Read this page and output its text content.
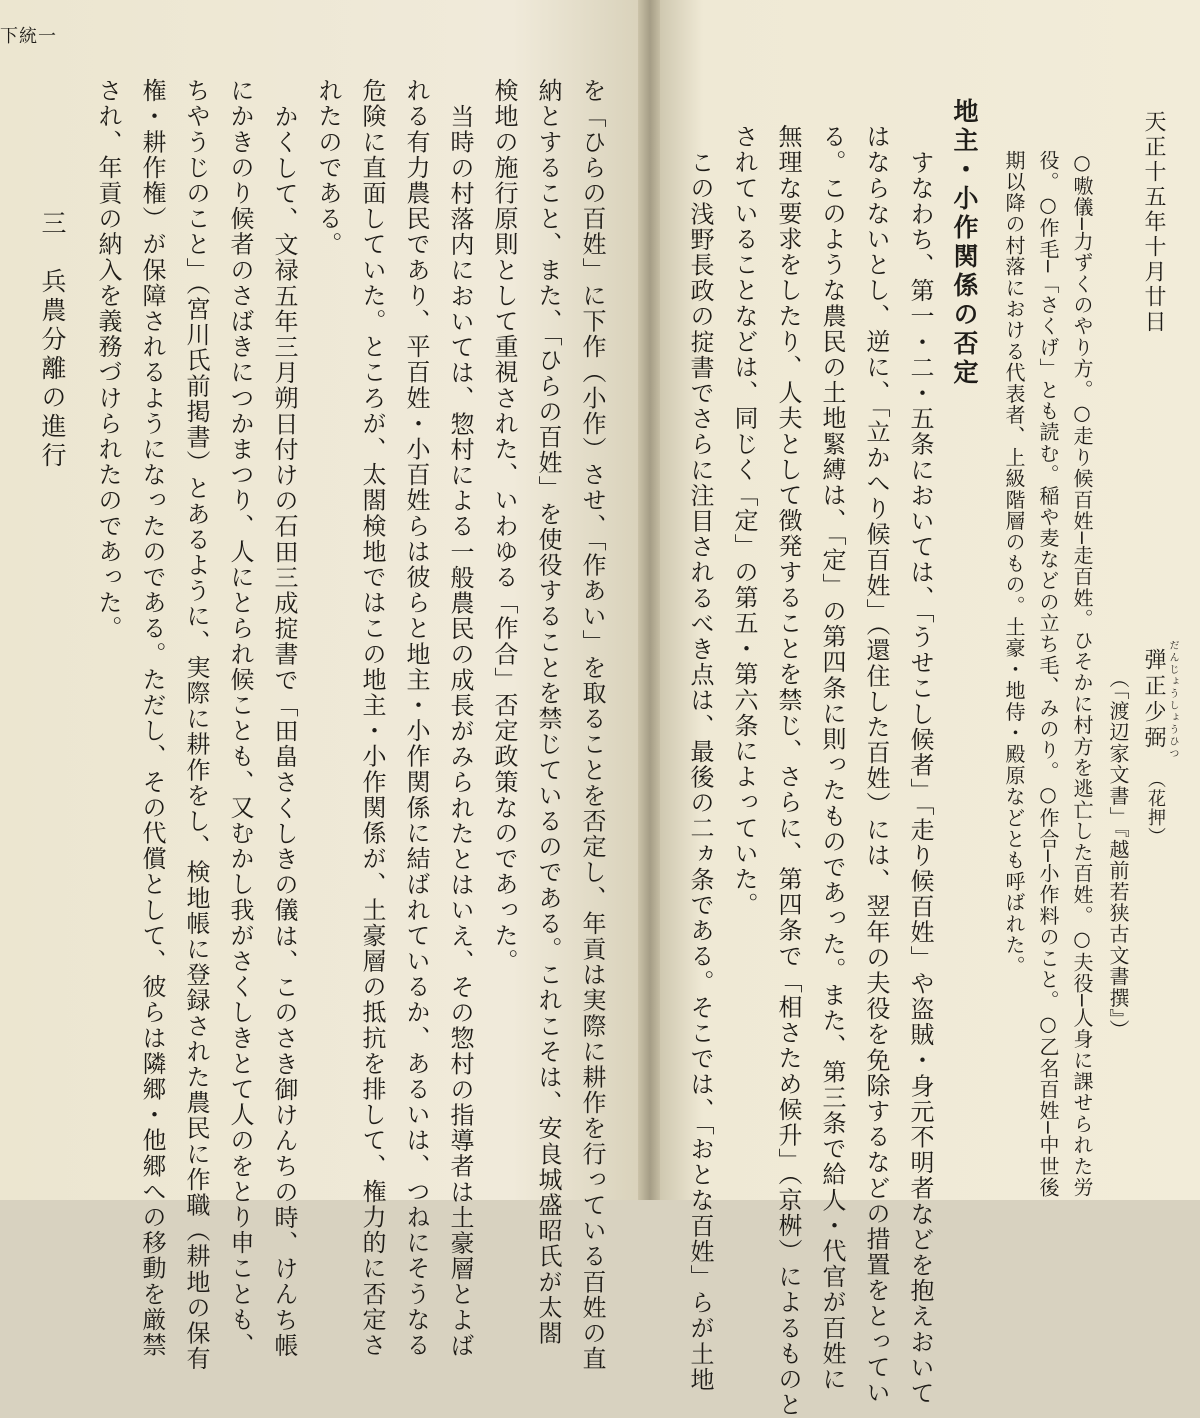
下統一
を「ひらの百姓」に下作（小作）させ、「作あい」を取ることを否定し、年貢は実際に耕作を行っている百姓の直
納とすること、また、「ひらの百姓」を使役することを禁じているのである。これこそは、安良城盛昭氏が太閤
検地の施行原則として重視された、いわゆる「作合」否定政策なのであった。
当時の村落内においては、惣村による一般農民の成長がみられたとはいえ、その惣村の指導者は土豪層とよば
れる有力農民であり、平百姓・小百姓らは彼らと地主・小作関係に結ばれているか、あるいは、つねにそうなる
危険に直面していた。ところが、太閤検地ではこの地主・小作関係が、土豪層の抵抗を排して、権力的に否定さ
れたのである。
かくして、文禄五年三月朔日付けの石田三成掟書で「田畠さくしきの儀は、このさき御けんちの時、けんち帳
にかきのり候者のさばきにつかまつり、人にとられ候ことも、又むかし我がさくしきとて人のをとり申ことも、
ちやうじのこと」（宮川氏前掲書）とあるように、実際に耕作をし、検地帳に登録された農民に作職（耕地の保有
権・耕作権）が保障されるようになったのである。ただし、その代償として、彼らは隣郷・他郷への移動を厳禁
され、年貢の納入を義務づけられたのであった。
三　兵農分離の進行	天正十五年十月廿日
だんじょうしょうひつ
弾正少弼
（花押）
（「渡辺家文書」『越前若狭古文書撰』）
○嗷儀─力ずくのやり方。○走り候百姓─走百姓。ひそかに村方を逃亡した百姓。○夫役─人身に課せられた労
役。○作毛─「さくげ」とも読む。稲や麦などの立ち毛、みのり。○作合─小作料のこと。○乙名百姓─中世後
期以降の村落における代表者、上級階層のもの。土豪・地侍・殿原などとも呼ばれた。
地主・小作関係の否定
すなわち、第一・二・五条においては、「うせこし候者」「走り候百姓」や盗賊・身元不明者などを抱えおいて
はならないとし、逆に、「立かへり候百姓」（還住した百姓）には、翌年の夫役を免除するなどの措置をとってい
る。このような農民の土地緊縛は、「定」の第四条に則ったものであった。また、第三条で給人・代官が百姓に
無理な要求をしたり、人夫として徴発することを禁じ、さらに、第四条で「相さため候升」（京桝）によるものと
されていることなどは、同じく「定」の第五・第六条によっていた。
この浅野長政の掟書でさらに注目されるべき点は、最後の二ヵ条である。そこでは、「おとな百姓」らが土地
